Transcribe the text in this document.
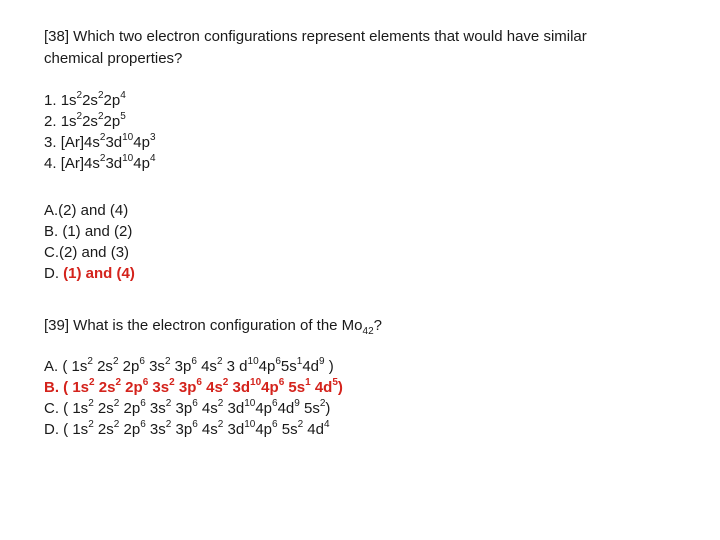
[38] Which two electron configurations represent elements that would have similar
chemical properties?
1. $1s^22s^22p^4$
2. $1s^22s^22p^5$
3. $[Ar]4s^23d^{10}4p^3$
4. $[Ar]4s^23d^{10}4p^4$
A.(2) and (4)
B. (1) and (2)
C.(2) and (3)
D. (1) and (4)
[39] What is the electron configuration of the $Mo_{42}$?
A. ( $1s^2$ $2s^2$ $2p^6$ $3s^2$ $3p^6$ $4s^2$ 3 $d^{10}4p^65s^14d^9$ )
B. ( $1s^2$ $2s^2$ $2p^6$ $3s^2$ $3p^6$ $4s^2$ $3d^{10}4p^6$ $5s^1$ $4d^5$)
C. ( $1s^2$ $2s^2$ $2p^6$ $3s^2$ $3p^6$ $4s^2$ $3d^{10}4p^64d^9$ $5s^2$)
D. ( $1s^2$ $2s^2$ $2p^6$ $3s^2$ $3p^6$ $4s^2$ $3d^{10}4p^6$ $5s^2$ $4d^4$
